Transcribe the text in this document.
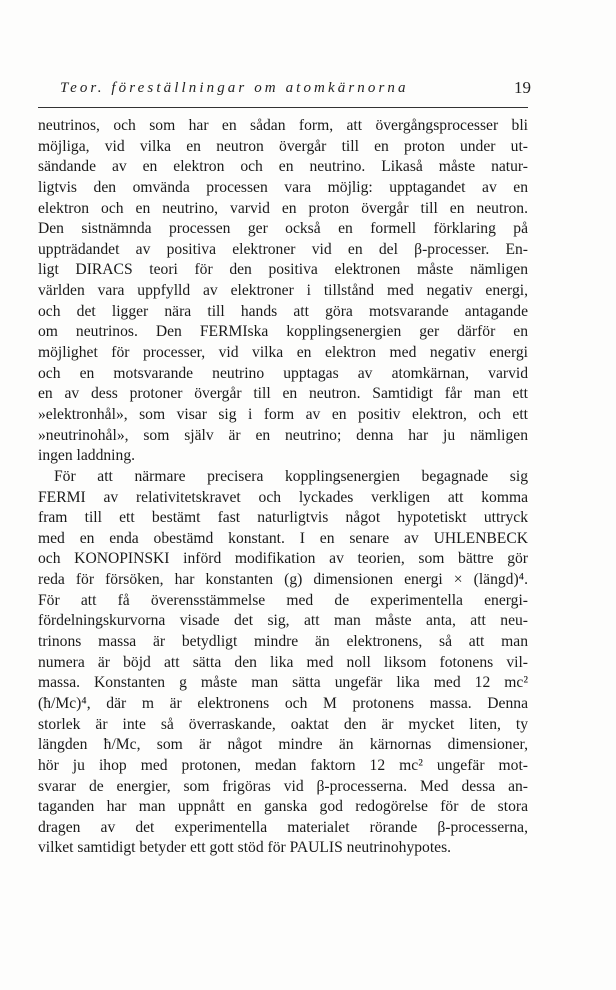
Teor. föreställningar om atomkärnorna	19
neutrinos, och som har en sådan form, att övergångsprocesser bli
möjliga, vid vilka en neutron övergår till en proton under ut-
sändande av en elektron och en neutrino. Likaså måste natur-
ligtvis den omvända processen vara möjlig: upptagandet av en
elektron och en neutrino, varvid en proton övergår till en neutron.
Den sistnämnda processen ger också en formell förklaring på
uppträdandet av positiva elektroner vid en del β-processer. En-
ligt DIRACS teori för den positiva elektronen måste nämligen
världen vara uppfylld av elektroner i tillstånd med negativ energi,
och det ligger nära till hands att göra motsvarande antagande
om neutrinos. Den FERMIska kopplingsenergien ger därför en
möjlighet för processer, vid vilka en elektron med negativ energi
och en motsvarande neutrino upptagas av atomkärnan, varvid
en av dess protoner övergår till en neutron. Samtidigt får man ett
»elektronhål», som visar sig i form av en positiv elektron, och ett
»neutrinohål», som själv är en neutrino; denna har ju nämligen
ingen laddning.
För att närmare precisera kopplingsenergien begagnade sig
FERMI av relativitetskravet och lyckades verkligen att komma
fram till ett bestämt fast naturligtvis något hypotetiskt uttryck
med en enda obestämd konstant. I en senare av UHLENBECK
och KONOPINSKI införd modifikation av teorien, som bättre gör
reda för försöken, har konstanten (g) dimensionen energi × (längd)⁴.
För att få överensstämmelse med de experimentella energi-
fördelningskurvorna visade det sig, att man måste anta, att neu-
trinons massa är betydligt mindre än elektronens, så att man
numera är böjd att sätta den lika med noll liksom fotonens vil-
massa. Konstanten g måste man sätta ungefär lika med 12 mc²
(ħ/Mc)⁴, där m är elektronens och M protonens massa. Denna
storlek är inte så överraskande, oaktat den är mycket liten, ty
längden ħ/Mc, som är något mindre än kärnornas dimensioner,
hör ju ihop med protonen, medan faktorn 12 mc² ungefär mot-
svarar de energier, som frigöras vid β-processerna. Med dessa an-
taganden har man uppnått en ganska god redogörelse för de stora
dragen av det experimentella materialet rörande β-processerna,
vilket samtidigt betyder ett gott stöd för PAULIS neutrinohypotes.
